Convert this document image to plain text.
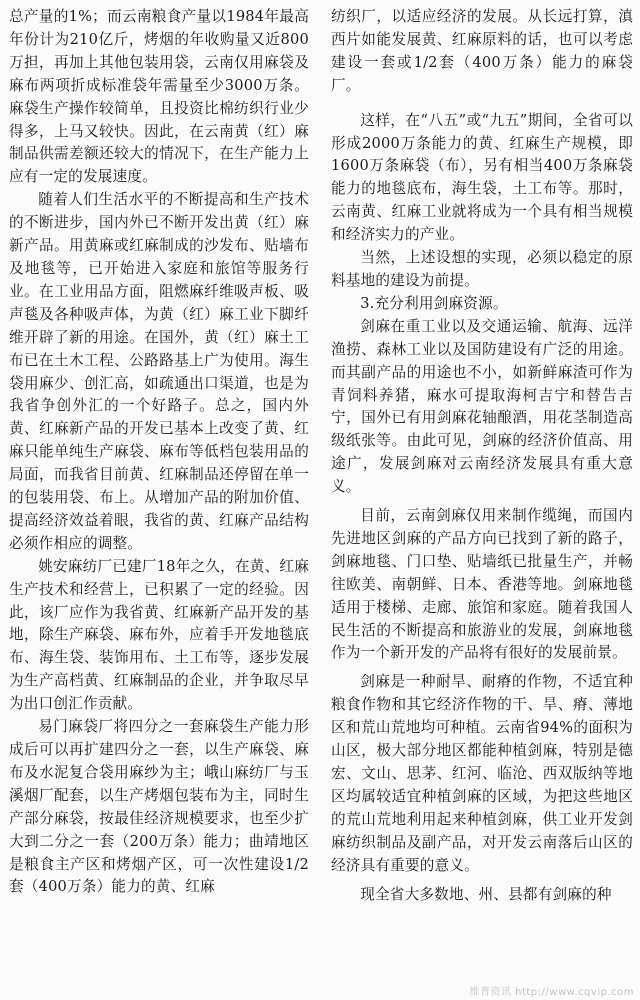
总产量的1%；而云南粮食产量以1984年最高年份计为210亿斤，烤烟的年收购量又近800万担，再加上其他包装用袋，云南仅用麻袋及麻布两项折成标准袋年需量至少3000万条。麻袋生产操作较简单，且投资比棉纺织行业少得多，上马又较快。因此，在云南黄（红）麻制品供需差额还较大的情况下，在生产能力上应有一定的发展速度。

随着人们生活水平的不断提高和生产技术的不断进步，国内外已不断开发出黄（红）麻新产品。用黄麻或红麻制成的沙发布、贴墙布及地毯等，已开始进入家庭和旅馆等服务行业。在工业用品方面，阻燃麻纤维吸声板、吸声毯及各种吸声体，为黄（红）麻工业下脚纤维开辟了新的用途。在国外，黄（红）麻土工布已在土木工程、公路路基上广为使用。海生袋用麻少、创汇高，如疏通出口渠道，也是为我省争创外汇的一个好路子。总之，国内外黄、红麻新产品的开发已基本上改变了黄、红麻只能单纯生产麻袋、麻布等低档包装用品的局面，而我省目前黄、红麻制品还停留在单一的包装用袋、布上。从增加产品的附加价值、提高经济效益着眼，我省的黄、红麻产品结构必须作相应的调整。

姚安麻纺厂已建厂18年之久，在黄、红麻生产技术和经营上，已积累了一定的经验。因此，该厂应作为我省黄、红麻新产品开发的基地，除生产麻袋、麻布外，应着手开发地毯底布、海生袋、装饰用布、土工布等，逐步发展为生产高档黄、红麻制品的企业，并争取尽早为出口创汇作贡献。

易门麻袋厂将四分之一套麻袋生产能力形成后可以再扩建四分之一套，以生产麻袋、麻布及水泥复合袋用麻纱为主；峨山麻纺厂与玉溪烟厂配套，以生产烤烟包装布为主，同时生产部分麻袋，按最佳经济规模要求，也至少扩大到二分之一套（200万条）能力；曲靖地区是粮食主产区和烤烟产区，可一次性建设1/2套（400万条）能力的黄、红麻

纺织厂，以适应经济的发展。从长远打算，滇西片如能发展黄、红麻原料的话，也可以考虑建设一套或1/2套（400万条）能力的麻袋厂。

这样，在“八五”或“九五”期间，全省可以形成2000万条能力的黄、红麻生产规模，即1600万条麻袋（布），另有相当400万条麻袋能力的地毯底布，海生袋，土工布等。那时，云南黄、红麻工业就将成为一个具有相当规模和经济实力的产业。

当然，上述设想的实现，必须以稳定的原料基地的建设为前提。

3.充分利用剑麻资源。

剑麻在重工业以及交通运输、航海、远洋渔捞、森林工业以及国防建设有广泛的用途。而其副产品的用途也不小，如新鲜麻渣可作为青饲料养猪，麻水可提取海柯吉宁和替告吉宁，国外已有用剑麻花轴酿酒，用花茎制造高级纸张等。由此可见，剑麻的经济价值高、用途广，发展剑麻对云南经济发展具有重大意义。

目前，云南剑麻仅用来制作缆绳，而国内先进地区剑麻的产品方向已找到了新的路子，剑麻地毯、门口垫、贴墙纸已批量生产，并畅往欧美、南朝鲜、日本、香港等地。剑麻地毯适用于楼梯、走廊、旅馆和家庭。随着我国人民生活的不断提高和旅游业的发展，剑麻地毯作为一个新开发的产品将有很好的发展前景。

剑麻是一种耐旱、耐瘠的作物，不适宜种粮食作物和其它经济作物的干、旱、瘠、薄地区和荒山荒地均可种植。云南省94%的面积为山区，极大部分地区都能种植剑麻，特别是德宏、文山、思茅、红河、临沧、西双版纳等地区均属较适宜种植剑麻的区域，为把这些地区的荒山荒地利用起来种植剑麻，供工业开发剑麻纺织制品及副产品，对开发云南落后山区的经济具有重要的意义。

现全省大多数地、州、县都有剑麻的种

维普资讯 http://www.cqvip.com
